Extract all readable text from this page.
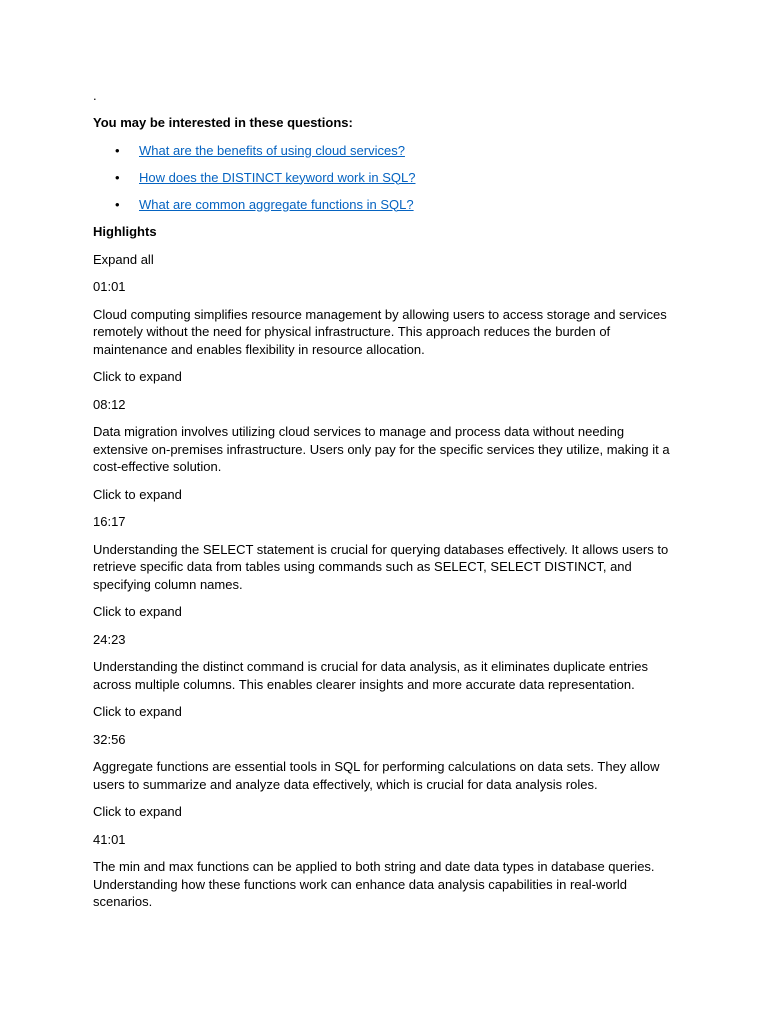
.

You may be interested in these questions:

• What are the benefits of using cloud services?
• How does the DISTINCT keyword work in SQL?
• What are common aggregate functions in SQL?

Highlights

Expand all

01:01

Cloud computing simplifies resource management by allowing users to access storage and services remotely without the need for physical infrastructure. This approach reduces the burden of maintenance and enables flexibility in resource allocation.

Click to expand

08:12

Data migration involves utilizing cloud services to manage and process data without needing extensive on-premises infrastructure. Users only pay for the specific services they utilize, making it a cost-effective solution.

Click to expand

16:17

Understanding the SELECT statement is crucial for querying databases effectively. It allows users to retrieve specific data from tables using commands such as SELECT, SELECT DISTINCT, and specifying column names.

Click to expand

24:23

Understanding the distinct command is crucial for data analysis, as it eliminates duplicate entries across multiple columns. This enables clearer insights and more accurate data representation.

Click to expand

32:56

Aggregate functions are essential tools in SQL for performing calculations on data sets. They allow users to summarize and analyze data effectively, which is crucial for data analysis roles.

Click to expand

41:01

The min and max functions can be applied to both string and date data types in database queries. Understanding how these functions work can enhance data analysis capabilities in real-world scenarios.
